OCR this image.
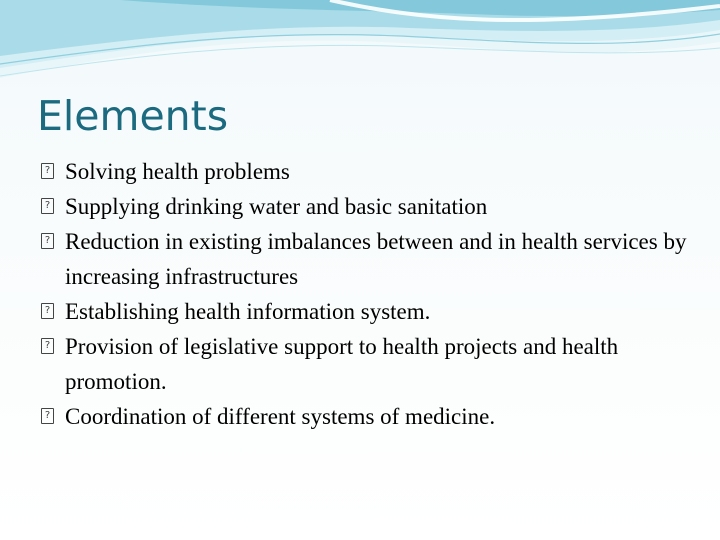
Elements
?
Solving health problems
?
Supplying drinking water and basic sanitation
?
Reduction in existing imbalances between and in health services by increasing infrastructures
?
Establishing health information system.
?
Provision of legislative support to health projects and health promotion.
?
Coordination of different systems of medicine.
